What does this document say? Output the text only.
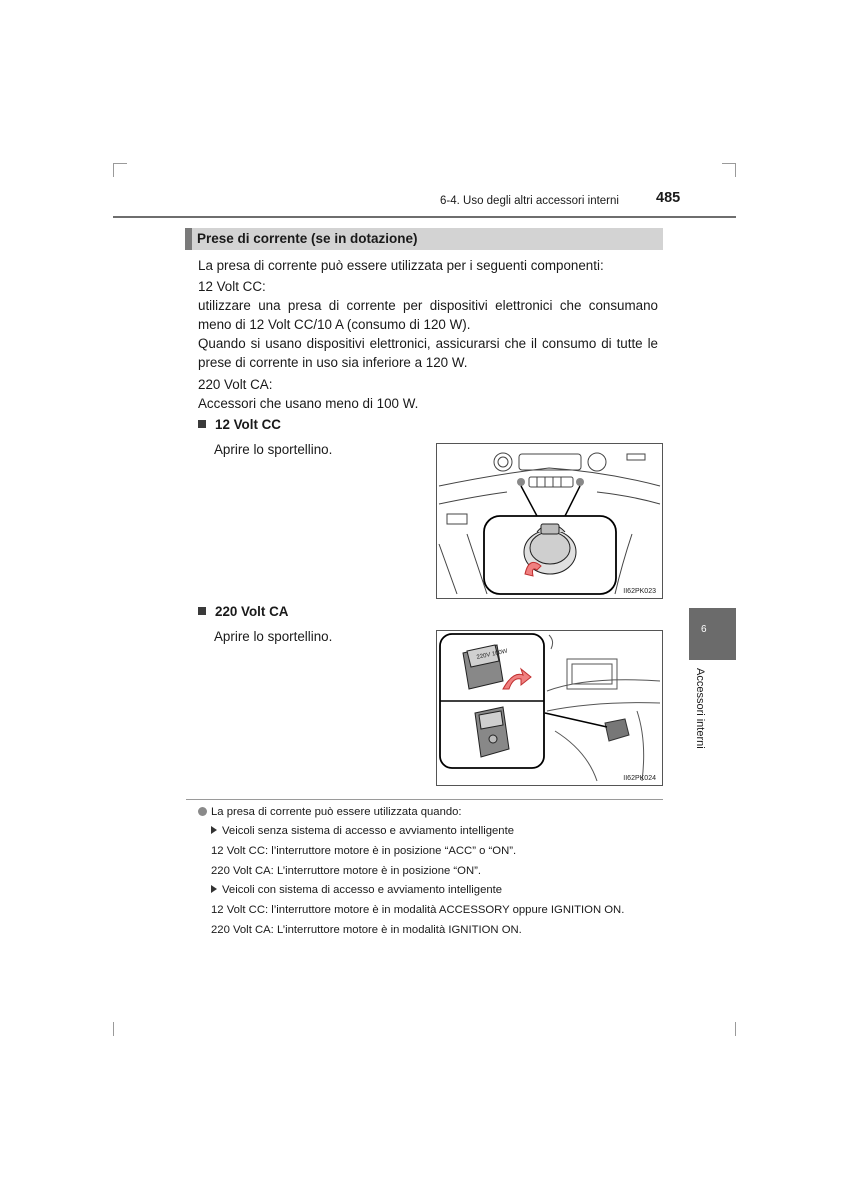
6-4. Uso degli altri accessori interni	485
Prese di corrente (se in dotazione)

La presa di corrente può essere utilizzata per i seguenti componenti:

12 Volt CC:

utilizzare una presa di corrente per dispositivi elettronici che consumano meno di 12 Volt CC/10 A (consumo di 120 W).

Quando si usano dispositivi elettronici, assicurarsi che il consumo di tutte le prese di corrente in uso sia inferiore a 120 W.

220 Volt CA:

Accessori che usano meno di 100 W.

12 Volt CC
Aprire lo sportellino.
II62PK023
220 Volt CA
Aprire lo sportellino.
220V 100W
II62PK024
6
Accessori interni
La presa di corrente può essere utilizzata quando:
Veicoli senza sistema di accesso e avviamento intelligente
12 Volt CC: l’interruttore motore è in posizione “ACC” o “ON”.
220 Volt CA: L’interruttore motore è in posizione “ON”.
Veicoli con sistema di accesso e avviamento intelligente
12 Volt CC: l’interruttore motore è in modalità ACCESSORY oppure IGNITION ON.
220 Volt CA: L’interruttore motore è in modalità IGNITION ON.
